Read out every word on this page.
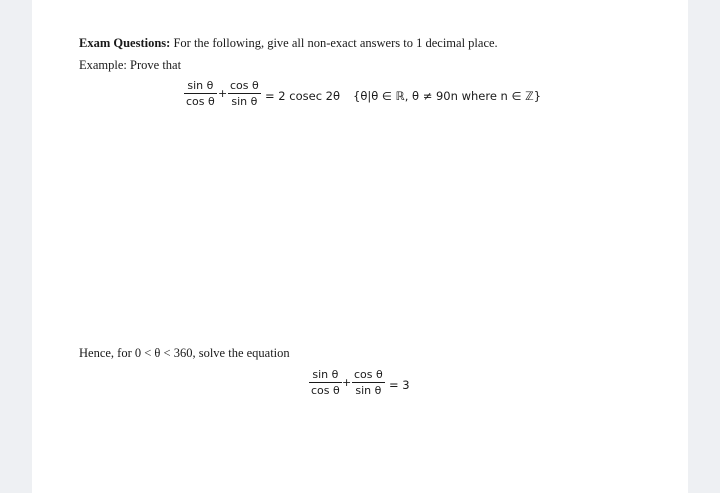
Exam Questions: For the following, give all non-exact answers to 1 decimal place.
Example: Prove that
sin θ
cos θ
+
cos θ
sin θ = 2 cosec 2θ {θ|θ ∈ ℝ, θ ≠ 90n where n ∈ ℤ}
Hence, for 0 < θ < 360, solve the equation
sin θ
cos θ
+
cos θ
sin θ = 3
